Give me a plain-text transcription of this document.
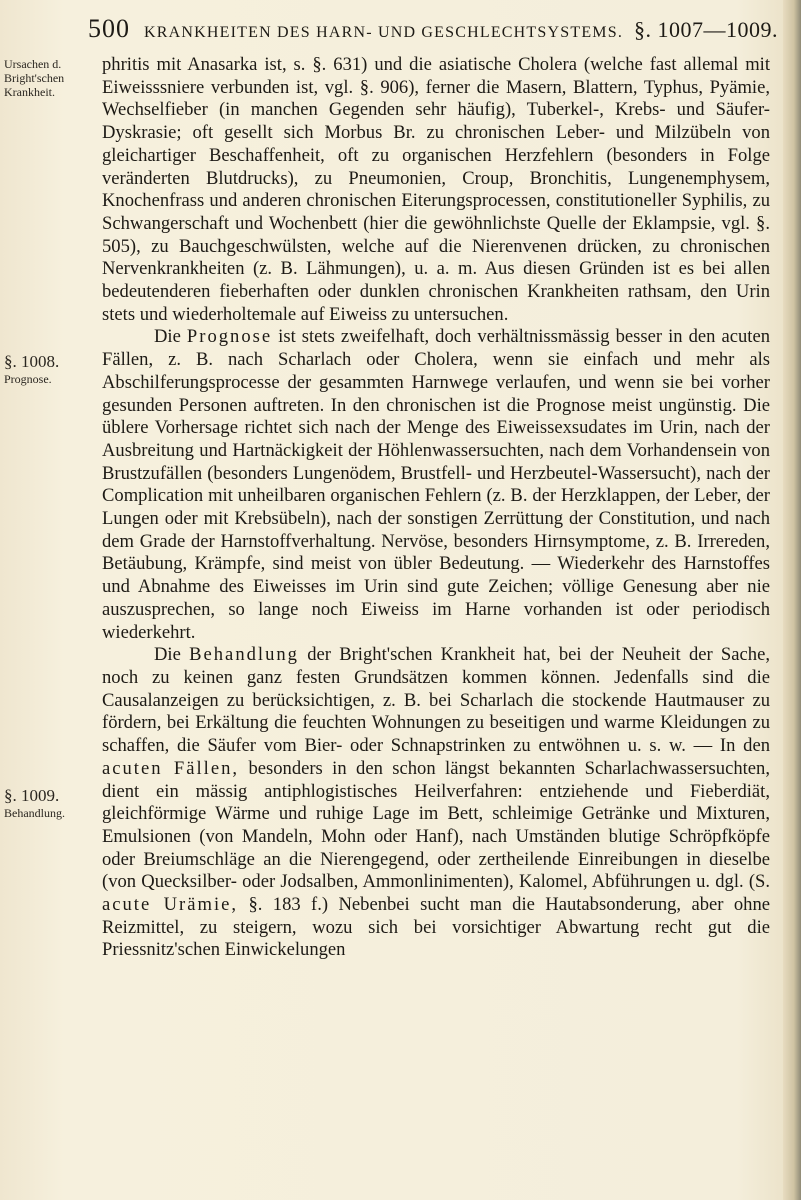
500 KRANKHEITEN DES HARN- UND GESCHLECHTSYSTEMS. §. 1007—1009.
Ursachen d.
Bright'schen
Krankheit.
§. 1008.
Prognose.
§. 1009.
Behandlung.

phritis mit Anasarka ist, s. §. 631) und die asiatische Cholera (welche fast allemal mit Eiweisssniere verbunden ist, vgl. §. 906), ferner die Masern, Blattern, Typhus, Pyämie, Wechselfieber (in manchen Gegenden sehr häufig), Tuberkel-, Krebs- und Säufer-Dyskrasie; oft gesellt sich Morbus Br. zu chronischen Leber- und Milzübeln von gleichartiger Beschaffenheit, oft zu organischen Herzfehlern (besonders in Folge veränderten Blutdrucks), zu Pneumonien, Croup, Bronchitis, Lungenemphysem, Knochenfrass und anderen chronischen Eiterungsprocessen, constitutioneller Syphilis, zu Schwangerschaft und Wochenbett (hier die gewöhnlichste Quelle der Eklampsie, vgl. §. 505), zu Bauchgeschwülsten, welche auf die Nierenvenen drücken, zu chronischen Nervenkrankheiten (z. B. Lähmungen), u. a. m. Aus diesen Gründen ist es bei allen bedeutenderen fieberhaften oder dunklen chronischen Krankheiten rathsam, den Urin stets und wiederholtemale auf Eiweiss zu untersuchen.

Die Prognose ist stets zweifelhaft, doch verhältnissmässig besser in den acuten Fällen, z. B. nach Scharlach oder Cholera, wenn sie einfach und mehr als Abschilferungsprocesse der gesammten Harnwege verlaufen, und wenn sie bei vorher gesunden Personen auftreten. In den chronischen ist die Prognose meist ungünstig. Die üblere Vorhersage richtet sich nach der Menge des Eiweissexsudates im Urin, nach der Ausbreitung und Hartnäckigkeit der Höhlenwassersuchten, nach dem Vorhandensein von Brustzufällen (besonders Lungenödem, Brustfell- und Herzbeutel-Wassersucht), nach der Complication mit unheilbaren organischen Fehlern (z. B. der Herzklappen, der Leber, der Lungen oder mit Krebsübeln), nach der sonstigen Zerrüttung der Constitution, und nach dem Grade der Harnstoffverhaltung. Nervöse, besonders Hirnsymptome, z. B. Irrereden, Betäubung, Krämpfe, sind meist von übler Bedeutung. — Wiederkehr des Harnstoffes und Abnahme des Eiweisses im Urin sind gute Zeichen; völlige Genesung aber nie auszusprechen, so lange noch Eiweiss im Harne vorhanden ist oder periodisch wiederkehrt.

Die Behandlung der Bright'schen Krankheit hat, bei der Neuheit der Sache, noch zu keinen ganz festen Grundsätzen kommen können. Jedenfalls sind die Causalanzeigen zu berücksichtigen, z. B. bei Scharlach die stockende Hautmauser zu fördern, bei Erkältung die feuchten Wohnungen zu beseitigen und warme Kleidungen zu schaffen, die Säufer vom Bier- oder Schnapstrinken zu entwöhnen u. s. w. — In den acuten Fällen, besonders in den schon längst bekannten Scharlachwassersuchten, dient ein mässig antiphlogistisches Heilverfahren: entziehende und Fieberdiät, gleichförmige Wärme und ruhige Lage im Bett, schleimige Getränke und Mixturen, Emulsionen (von Mandeln, Mohn oder Hanf), nach Umständen blutige Schröpfköpfe oder Breiumschläge an die Nierengegend, oder zertheilende Einreibungen in dieselbe (von Quecksilber- oder Jodsalben, Ammonlinimenten), Kalomel, Abführungen u. dgl. (S. acute Urämie, §. 183 f.) Nebenbei sucht man die Hautabsonderung, aber ohne Reizmittel, zu steigern, wozu sich bei vorsichtiger Abwartung recht gut die Priessnitz'schen Einwickelungen
